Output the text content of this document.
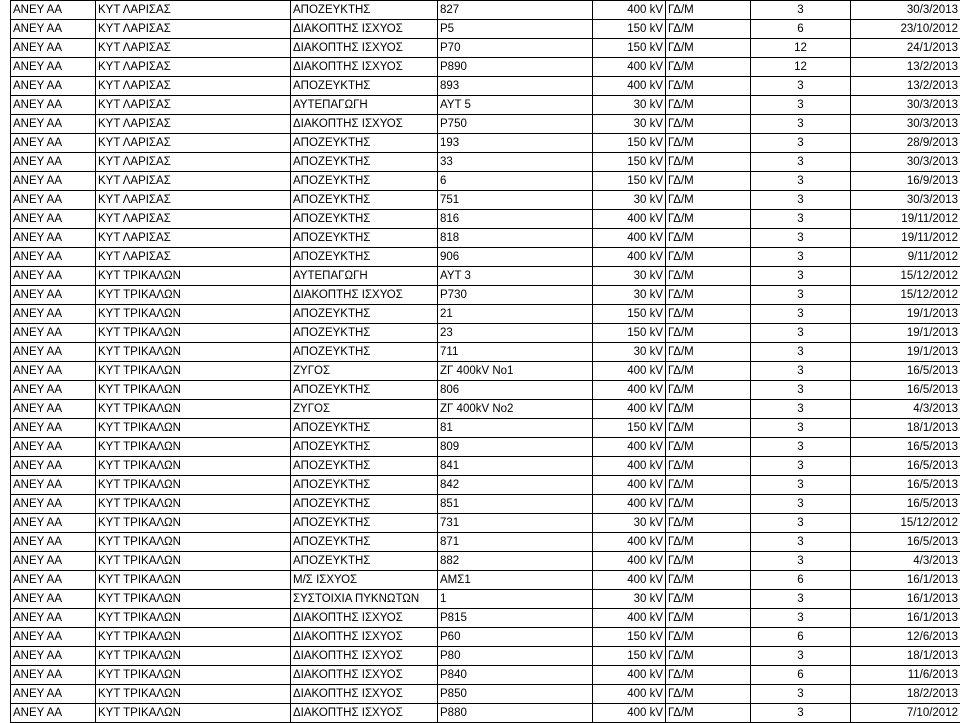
ΑΝΕΥ ΑΑ	ΚΥΤ ΛΑΡΙΣΑΣ	ΑΠΟΖΕΥΚΤΗΣ	827	400 kV	ΓΔ/Μ	3	30/3/2013
ΑΝΕΥ ΑΑ	ΚΥΤ ΛΑΡΙΣΑΣ	ΔΙΑΚΟΠΤΗΣ ΙΣΧΥΟΣ	P5	150 kV	ΓΔ/Μ	6	23/10/2012
ΑΝΕΥ ΑΑ	ΚΥΤ ΛΑΡΙΣΑΣ	ΔΙΑΚΟΠΤΗΣ ΙΣΧΥΟΣ	P70	150 kV	ΓΔ/Μ	12	24/1/2013
ΑΝΕΥ ΑΑ	ΚΥΤ ΛΑΡΙΣΑΣ	ΔΙΑΚΟΠΤΗΣ ΙΣΧΥΟΣ	P890	400 kV	ΓΔ/Μ	12	13/2/2013
ΑΝΕΥ ΑΑ	ΚΥΤ ΛΑΡΙΣΑΣ	ΑΠΟΖΕΥΚΤΗΣ	893	400 kV	ΓΔ/Μ	3	13/2/2013
ΑΝΕΥ ΑΑ	ΚΥΤ ΛΑΡΙΣΑΣ	ΑΥΤΕΠΑΓΩΓΗ	ΑΥΤ 5	30 kV	ΓΔ/Μ	3	30/3/2013
ΑΝΕΥ ΑΑ	ΚΥΤ ΛΑΡΙΣΑΣ	ΔΙΑΚΟΠΤΗΣ ΙΣΧΥΟΣ	P750	30 kV	ΓΔ/Μ	3	30/3/2013
ΑΝΕΥ ΑΑ	ΚΥΤ ΛΑΡΙΣΑΣ	ΑΠΟΖΕΥΚΤΗΣ	193	150 kV	ΓΔ/Μ	3	28/9/2013
ΑΝΕΥ ΑΑ	ΚΥΤ ΛΑΡΙΣΑΣ	ΑΠΟΖΕΥΚΤΗΣ	33	150 kV	ΓΔ/Μ	3	30/3/2013
ΑΝΕΥ ΑΑ	ΚΥΤ ΛΑΡΙΣΑΣ	ΑΠΟΖΕΥΚΤΗΣ	6	150 kV	ΓΔ/Μ	3	16/9/2013
ΑΝΕΥ ΑΑ	ΚΥΤ ΛΑΡΙΣΑΣ	ΑΠΟΖΕΥΚΤΗΣ	751	30 kV	ΓΔ/Μ	3	30/3/2013
ΑΝΕΥ ΑΑ	ΚΥΤ ΛΑΡΙΣΑΣ	ΑΠΟΖΕΥΚΤΗΣ	816	400 kV	ΓΔ/Μ	3	19/11/2012
ΑΝΕΥ ΑΑ	ΚΥΤ ΛΑΡΙΣΑΣ	ΑΠΟΖΕΥΚΤΗΣ	818	400 kV	ΓΔ/Μ	3	19/11/2012
ΑΝΕΥ ΑΑ	ΚΥΤ ΛΑΡΙΣΑΣ	ΑΠΟΖΕΥΚΤΗΣ	906	400 kV	ΓΔ/Μ	3	9/11/2012
ΑΝΕΥ ΑΑ	ΚΥΤ ΤΡΙΚΑΛΩΝ	ΑΥΤΕΠΑΓΩΓΗ	ΑΥΤ 3	30 kV	ΓΔ/Μ	3	15/12/2012
ΑΝΕΥ ΑΑ	ΚΥΤ ΤΡΙΚΑΛΩΝ	ΔΙΑΚΟΠΤΗΣ ΙΣΧΥΟΣ	P730	30 kV	ΓΔ/Μ	3	15/12/2012
ΑΝΕΥ ΑΑ	ΚΥΤ ΤΡΙΚΑΛΩΝ	ΑΠΟΖΕΥΚΤΗΣ	21	150 kV	ΓΔ/Μ	3	19/1/2013
ΑΝΕΥ ΑΑ	ΚΥΤ ΤΡΙΚΑΛΩΝ	ΑΠΟΖΕΥΚΤΗΣ	23	150 kV	ΓΔ/Μ	3	19/1/2013
ΑΝΕΥ ΑΑ	ΚΥΤ ΤΡΙΚΑΛΩΝ	ΑΠΟΖΕΥΚΤΗΣ	711	30 kV	ΓΔ/Μ	3	19/1/2013
ΑΝΕΥ ΑΑ	ΚΥΤ ΤΡΙΚΑΛΩΝ	ΖΥΓΟΣ	ΖΓ 400kV No1	400 kV	ΓΔ/Μ	3	16/5/2013
ΑΝΕΥ ΑΑ	ΚΥΤ ΤΡΙΚΑΛΩΝ	ΑΠΟΖΕΥΚΤΗΣ	806	400 kV	ΓΔ/Μ	3	16/5/2013
ΑΝΕΥ ΑΑ	ΚΥΤ ΤΡΙΚΑΛΩΝ	ΖΥΓΟΣ	ΖΓ 400kV No2	400 kV	ΓΔ/Μ	3	4/3/2013
ΑΝΕΥ ΑΑ	ΚΥΤ ΤΡΙΚΑΛΩΝ	ΑΠΟΖΕΥΚΤΗΣ	81	150 kV	ΓΔ/Μ	3	18/1/2013
ΑΝΕΥ ΑΑ	ΚΥΤ ΤΡΙΚΑΛΩΝ	ΑΠΟΖΕΥΚΤΗΣ	809	400 kV	ΓΔ/Μ	3	16/5/2013
ΑΝΕΥ ΑΑ	ΚΥΤ ΤΡΙΚΑΛΩΝ	ΑΠΟΖΕΥΚΤΗΣ	841	400 kV	ΓΔ/Μ	3	16/5/2013
ΑΝΕΥ ΑΑ	ΚΥΤ ΤΡΙΚΑΛΩΝ	ΑΠΟΖΕΥΚΤΗΣ	842	400 kV	ΓΔ/Μ	3	16/5/2013
ΑΝΕΥ ΑΑ	ΚΥΤ ΤΡΙΚΑΛΩΝ	ΑΠΟΖΕΥΚΤΗΣ	851	400 kV	ΓΔ/Μ	3	16/5/2013
ΑΝΕΥ ΑΑ	ΚΥΤ ΤΡΙΚΑΛΩΝ	ΑΠΟΖΕΥΚΤΗΣ	731	30 kV	ΓΔ/Μ	3	15/12/2012
ΑΝΕΥ ΑΑ	ΚΥΤ ΤΡΙΚΑΛΩΝ	ΑΠΟΖΕΥΚΤΗΣ	871	400 kV	ΓΔ/Μ	3	16/5/2013
ΑΝΕΥ ΑΑ	ΚΥΤ ΤΡΙΚΑΛΩΝ	ΑΠΟΖΕΥΚΤΗΣ	882	400 kV	ΓΔ/Μ	3	4/3/2013
ΑΝΕΥ ΑΑ	ΚΥΤ ΤΡΙΚΑΛΩΝ	Μ/Σ ΙΣΧΥΟΣ	ΑΜΣ1	400 kV	ΓΔ/Μ	6	16/1/2013
ΑΝΕΥ ΑΑ	ΚΥΤ ΤΡΙΚΑΛΩΝ	ΣΥΣΤΟΙΧΙΑ ΠΥΚΝΩΤΩΝ	1	30 kV	ΓΔ/Μ	3	16/1/2013
ΑΝΕΥ ΑΑ	ΚΥΤ ΤΡΙΚΑΛΩΝ	ΔΙΑΚΟΠΤΗΣ ΙΣΧΥΟΣ	P815	400 kV	ΓΔ/Μ	3	16/1/2013
ΑΝΕΥ ΑΑ	ΚΥΤ ΤΡΙΚΑΛΩΝ	ΔΙΑΚΟΠΤΗΣ ΙΣΧΥΟΣ	P60	150 kV	ΓΔ/Μ	6	12/6/2013
ΑΝΕΥ ΑΑ	ΚΥΤ ΤΡΙΚΑΛΩΝ	ΔΙΑΚΟΠΤΗΣ ΙΣΧΥΟΣ	P80	150 kV	ΓΔ/Μ	3	18/1/2013
ΑΝΕΥ ΑΑ	ΚΥΤ ΤΡΙΚΑΛΩΝ	ΔΙΑΚΟΠΤΗΣ ΙΣΧΥΟΣ	P840	400 kV	ΓΔ/Μ	6	11/6/2013
ΑΝΕΥ ΑΑ	ΚΥΤ ΤΡΙΚΑΛΩΝ	ΔΙΑΚΟΠΤΗΣ ΙΣΧΥΟΣ	P850	400 kV	ΓΔ/Μ	3	18/2/2013
ΑΝΕΥ ΑΑ	ΚΥΤ ΤΡΙΚΑΛΩΝ	ΔΙΑΚΟΠΤΗΣ ΙΣΧΥΟΣ	P880	400 kV	ΓΔ/Μ	3	7/10/2012
